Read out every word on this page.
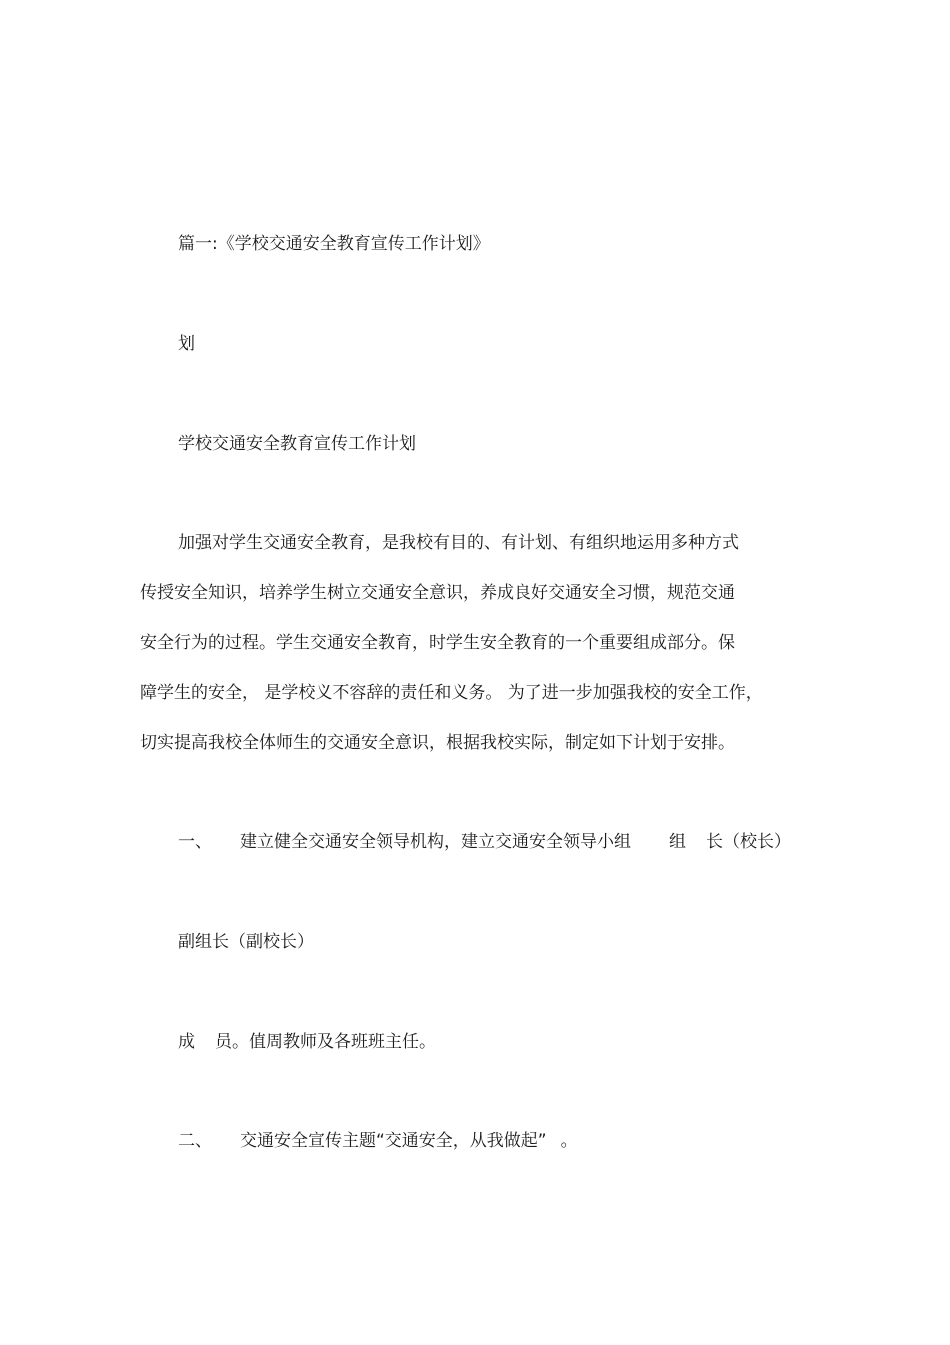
篇一:《学校交通安全教育宣传工作计划》
划
学校交通安全教育宣传工作计划
加强对学生交通安全教育，是我校有目的、有计划、有组织地运用多种方式
传授安全知识，培养学生树立交通安全意识，养成良好交通安全习惯，规范交通
安全行为的过程。学生交通安全教育，时学生安全教育的一个重要组成部分。保
障学生的安全， 是学校义不容辞的责任和义务。 为了进一步加强我校的安全工作，
切实提高我校全体师生的交通安全意识，根据我校实际，制定如下计划于安排。
一、 建立健全交通安全领导机构，建立交通安全领导小组 组 长（校长）
副组长（副校长）
成 员。值周教师及各班班主任。
二、 交通安全宣传主题“交通安全，从我做起” 。
